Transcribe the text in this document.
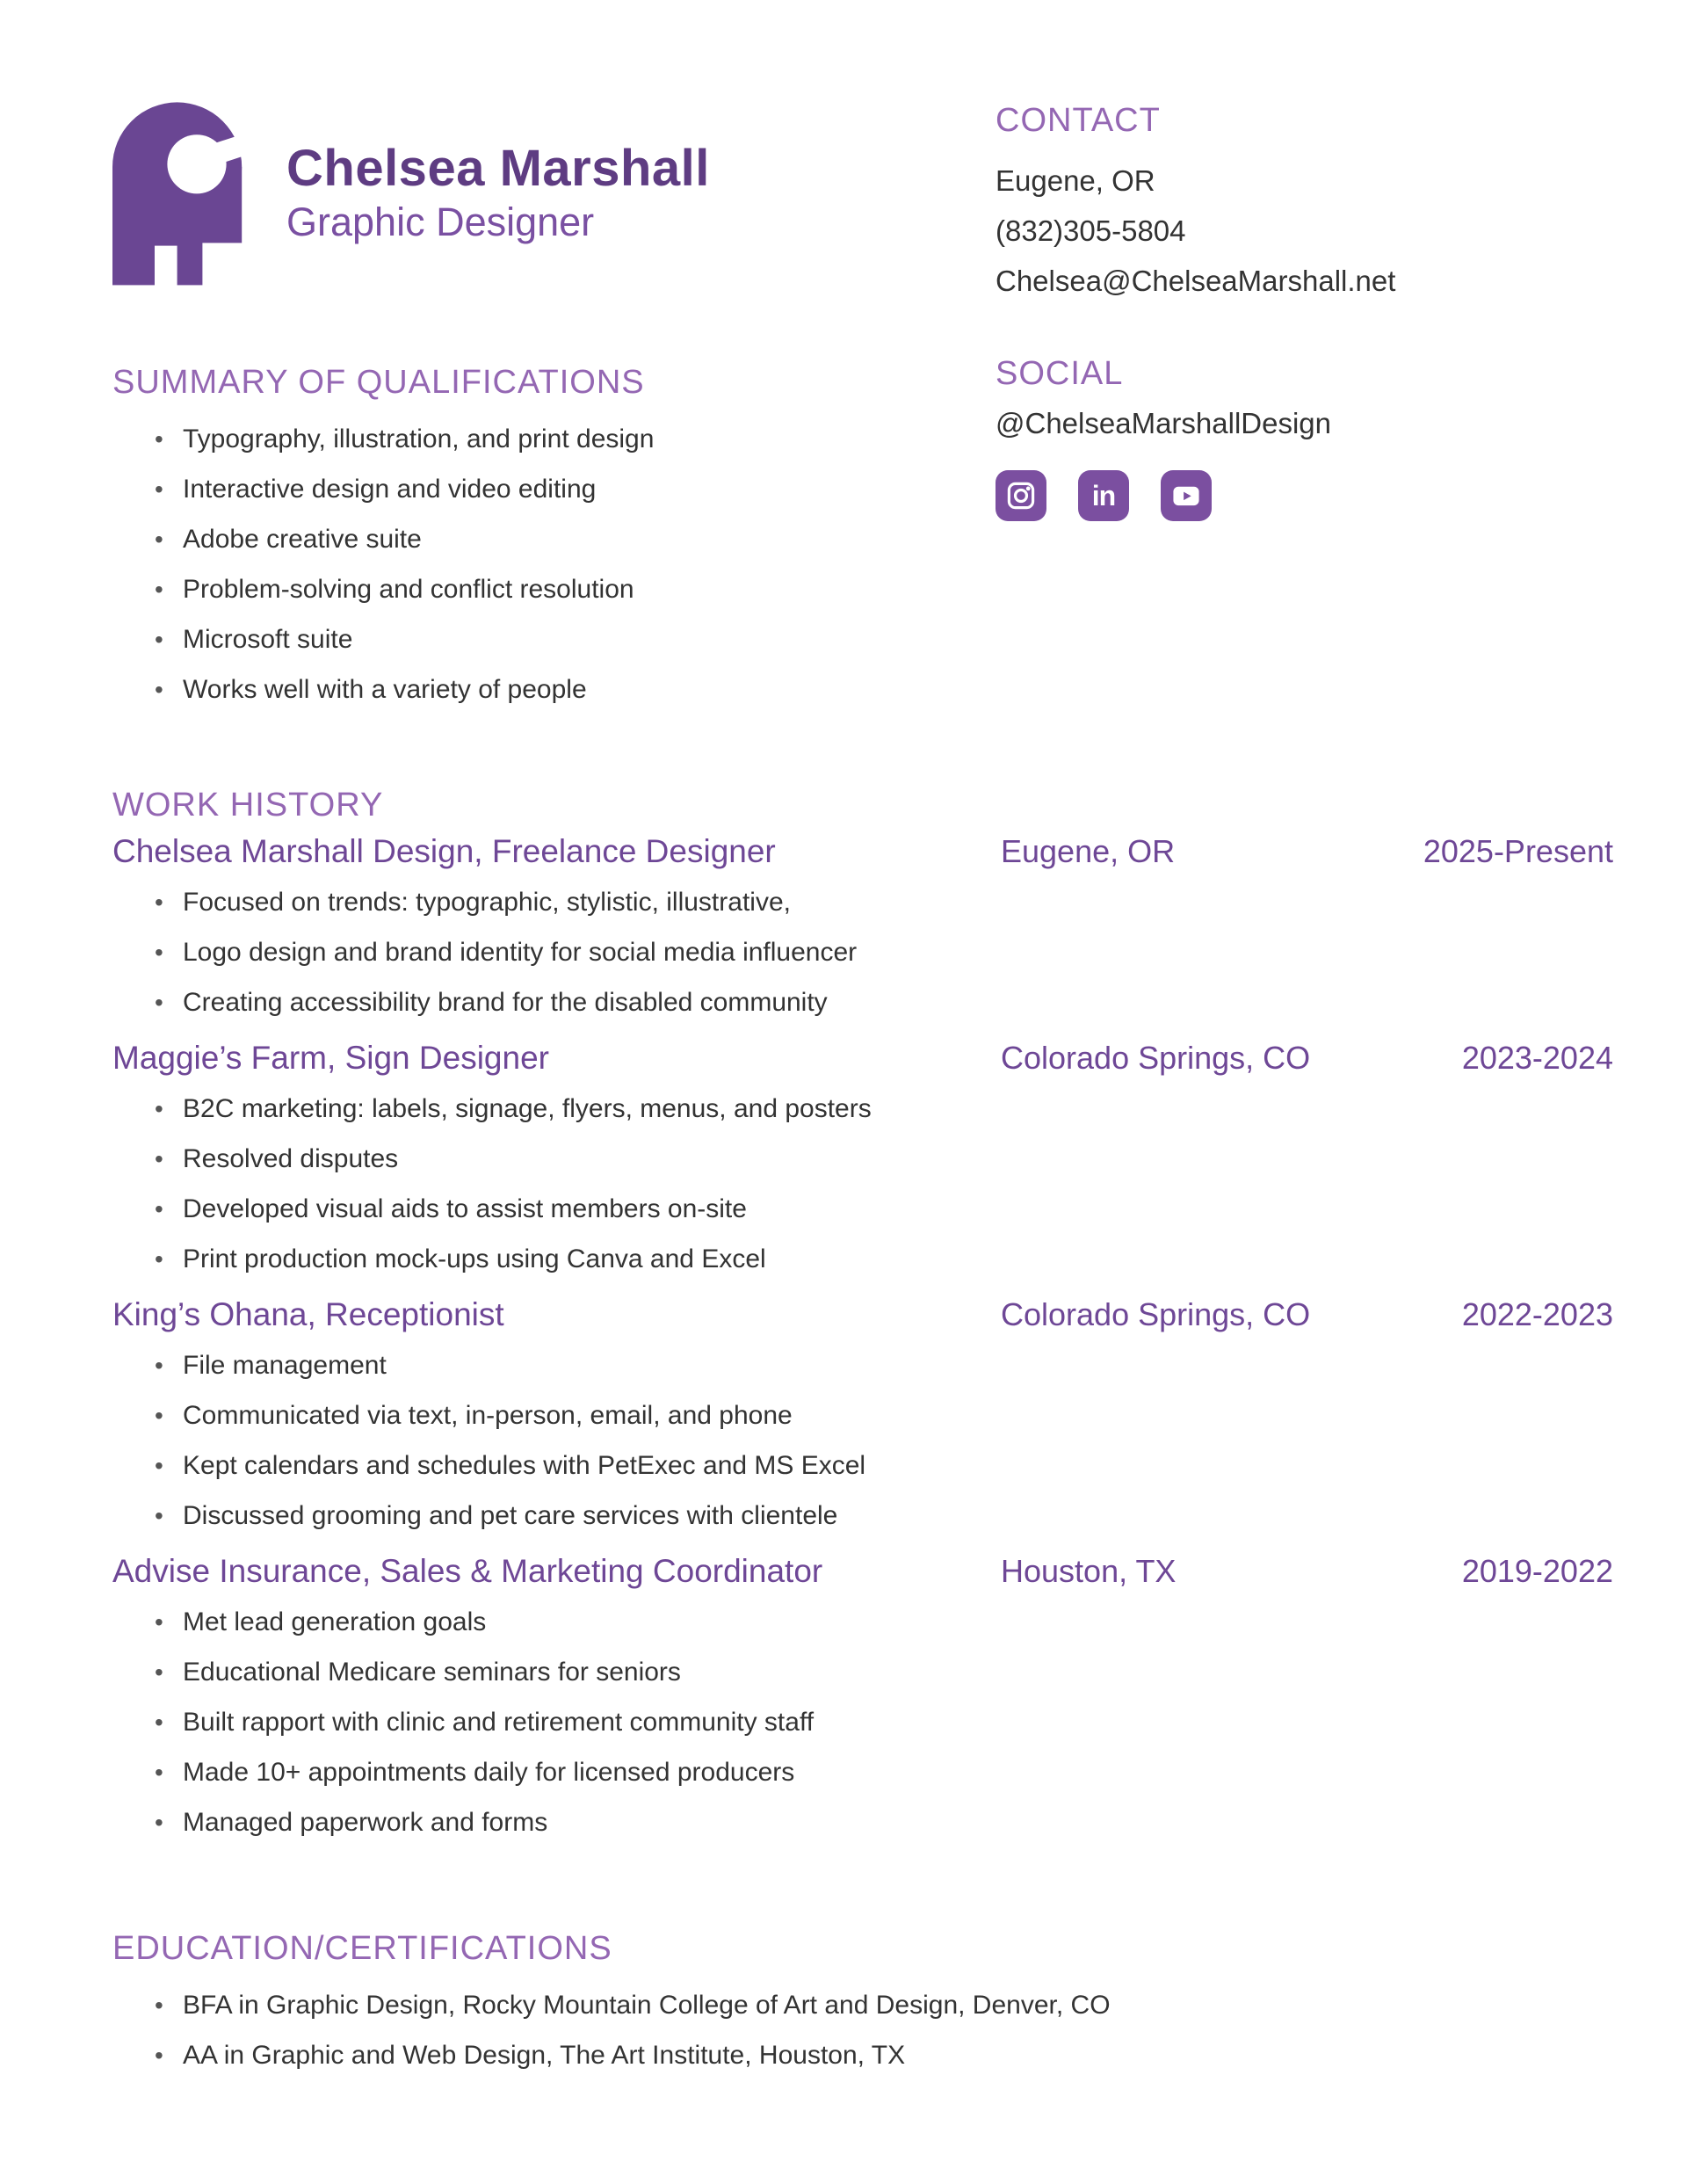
Chelsea Marshall
Graphic Designer
SUMMARY OF QUALIFICATIONS
• Typography, illustration, and print design
• Interactive design and video editing
• Adobe creative suite
• Problem-solving and conflict resolution
• Microsoft suite
• Works well with a variety of people
CONTACT
Eugene, OR
(832)305-5804
Chelsea@ChelseaMarshall.net
SOCIAL
@ChelseaMarshallDesign
in
WORK HISTORY
Chelsea Marshall Design, Freelance Designer	Eugene, OR	2025-Present
• Focused on trends: typographic, stylistic, illustrative,
• Logo design and brand identity for social media influencer
• Creating accessibility brand for the disabled community
Maggie’s Farm, Sign Designer	Colorado Springs, CO	2023-2024
• B2C marketing: labels, signage, flyers, menus, and posters
• Resolved disputes
• Developed visual aids to assist members on-site
• Print production mock-ups using Canva and Excel
King’s Ohana, Receptionist	Colorado Springs, CO	2022-2023
• File management
• Communicated via text, in-person, email, and phone
• Kept calendars and schedules with PetExec and MS Excel
• Discussed grooming and pet care services with clientele
Advise Insurance, Sales & Marketing Coordinator	Houston, TX	2019-2022
• Met lead generation goals
• Educational Medicare seminars for seniors
• Built rapport with clinic and retirement community staff
• Made 10+ appointments daily for licensed producers
• Managed paperwork and forms
EDUCATION/CERTIFICATIONS
• BFA in Graphic Design, Rocky Mountain College of Art and Design, Denver, CO
• AA in Graphic and Web Design, The Art Institute, Houston, TX
